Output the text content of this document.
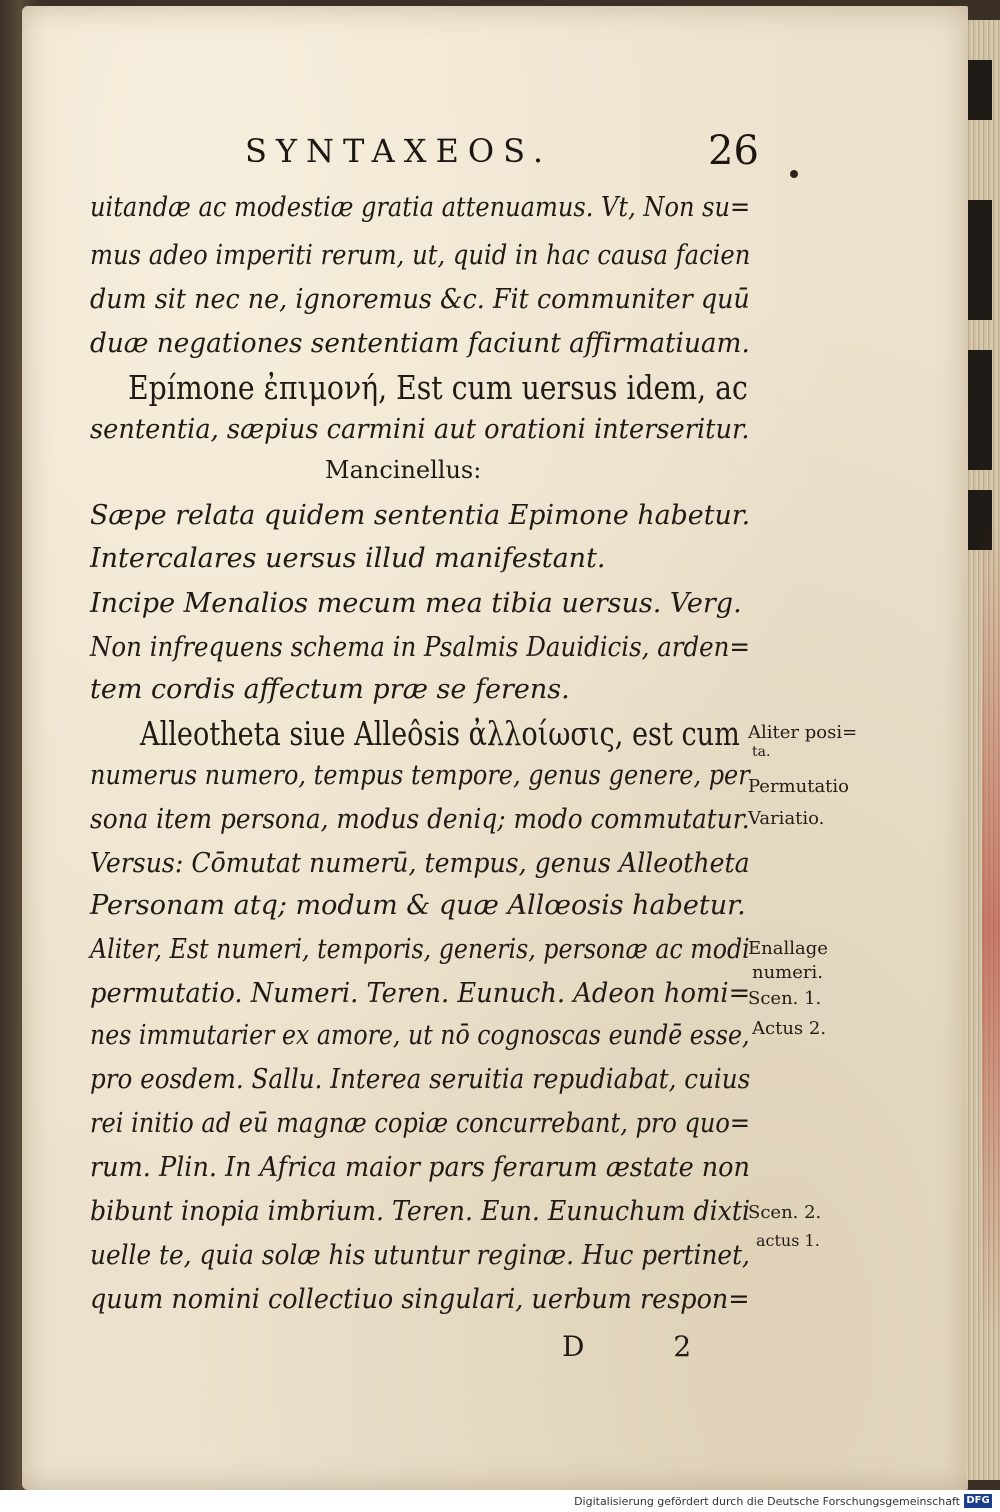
SYNTAXEOS.	26
uitandæ ac modestiæ gratia attenuamus. Vt, Non su=
mus adeo imperiti rerum, ut, quid in hac causa facien
dum sit nec ne, ignoremus &c. Fit communiter quū
duæ negationes sententiam faciunt affirmatiuam.
Epímone ἐπιμονή, Est cum uersus idem, ac
sententia, sæpius carmini aut orationi interseritur.
Mancinellus:
Sæpe relata quidem sententia Epimone habetur.
Intercalares uersus illud manifestant.
Incipe Menalios mecum mea tibia uersus. Verg.
Non infrequens schema in Psalmis Dauidicis, arden=
tem cordis affectum præ se ferens.
Alleotheta siue Alleôsis ἀλλοίωσις, est cum
numerus numero, tempus tempore, genus genere, per
sona item persona, modus deniq; modo commutatur.
Versus: Cōmutat numerū, tempus, genus Alleotheta
Personam atq; modum & quæ Allœosis habetur.
Aliter, Est numeri, temporis, generis, personæ ac modi
permutatio. Numeri. Teren. Eunuch. Adeon homi=
nes immutarier ex amore, ut nō cognoscas eundē esse,
pro eosdem. Sallu. Interea seruitia repudiabat, cuius
rei initio ad eū magnæ copiæ concurrebant, pro quo=
rum. Plin. In Africa maior pars ferarum æstate non
bibunt inopia imbrium. Teren. Eun. Eunuchum dixti
uelle te, quia solæ his utuntur reginæ. Huc pertinet,
quum nomini collectiuo singulari, uerbum respon=
Aliter posi=
ta.
Permutatio
Variatio.
Enallage
numeri.
Scen. 1.
Actus 2.
Scen. 2.
actus 1.
D 2
Digitalisierung gefördert durch die Deutsche Forschungsgemeinschaft DFG
